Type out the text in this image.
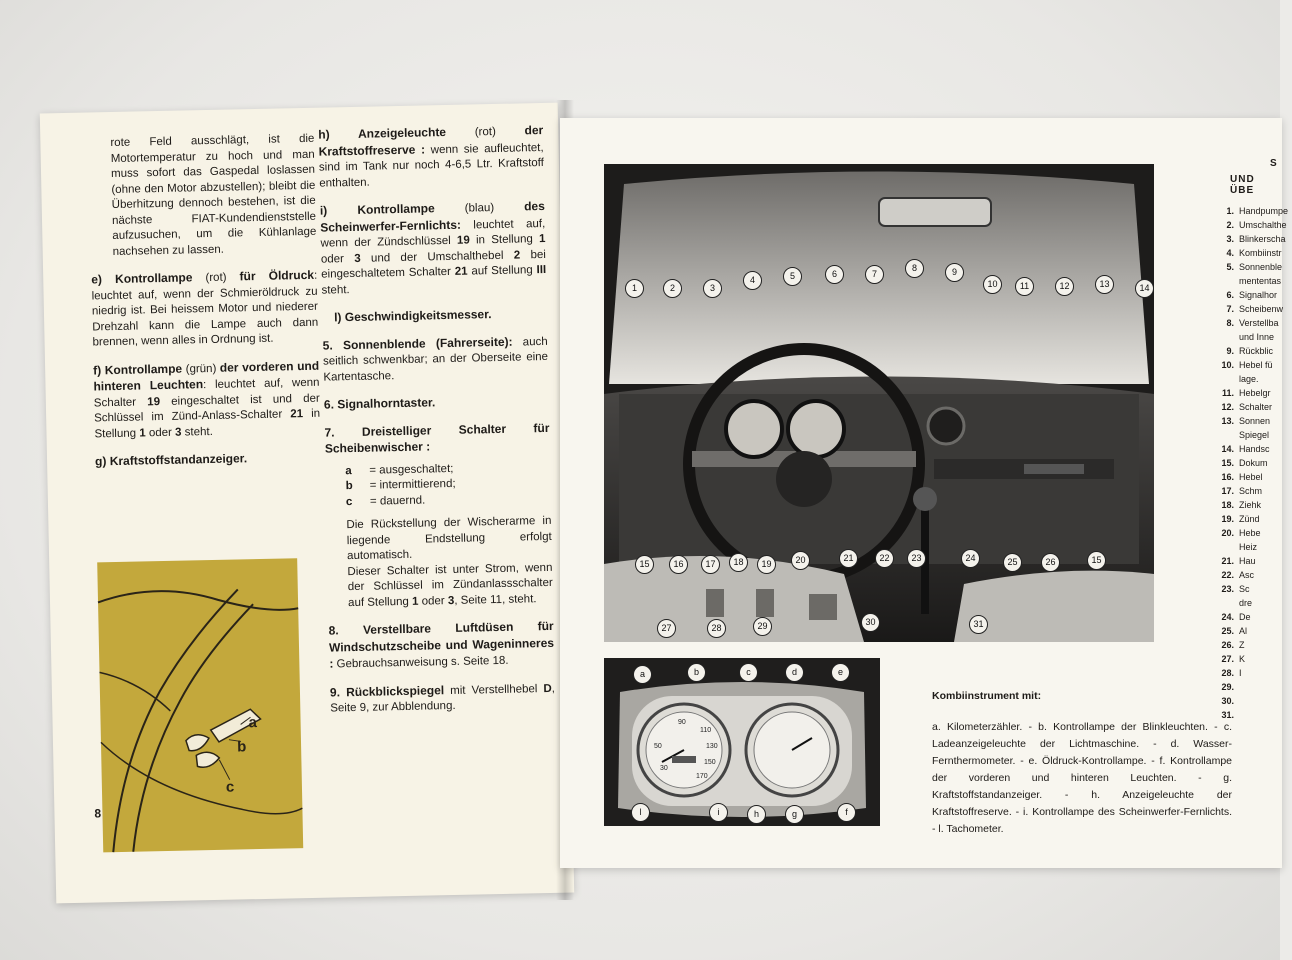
rote Feld ausschlägt, ist die Motortemperatur zu hoch und man muss sofort das Gaspedal loslassen (ohne den Motor abzustellen); bleibt die Überhitzung dennoch bestehen, ist die nächste FIAT-Kundendienststelle aufzusuchen, um die Kühlanlage nachsehen zu lassen.

e) Kontrollampe (rot) für Öldruck: leuchtet auf, wenn der Schmieröldruck zu niedrig ist. Bei heissem Motor und niederer Drehzahl kann die Lampe auch dann brennen, wenn alles in Ordnung ist.

f) Kontrollampe (grün) der vorderen und hinteren Leuchten: leuchtet auf, wenn Schalter 19 eingeschaltet ist und der Schlüssel im Zünd-Anlass-Schalter 21 in Stellung 1 oder 3 steht.

g) Kraftstoffstandanzeiger.

h) Anzeigeleuchte (rot) der Kraftstoffreserve : wenn sie aufleuchtet, sind im Tank nur noch 4-6,5 Ltr. Kraftstoff enthalten.

i) Kontrollampe	(blau) des Scheinwerfer-Fernlichts: leuchtet auf, wenn der Zündschlüssel 19 in Stellung 1 oder 3 und der Umschalthebel 2 bei eingeschaltetem Schalter 21 auf Stellung III steht.

l) Geschwindigkeitsmesser.

5. Sonnenblende (Fahrerseite): auch seitlich schwenkbar; an der Oberseite eine Kartentasche.

6. Signalhorntaster.

7. Dreistelliger Schalter für Scheibenwischer :

a	= ausgeschaltet;
b	= intermittierend;
c	= dauernd.

Die Rückstellung der Wischerarme in liegende Endstellung erfolgt automatisch.

Dieser Schalter ist unter Strom, wenn der Schlüssel im Zündanlassschalter auf Stellung 1 oder 3, Seite 11, steht.

8. Verstellbare Luftdüsen für Windschutzscheibe und Wageninneres : Gebrauchsanweisung s. Seite 18.

9. Rückblickspiegel mit Verstellhebel D, Seite 9, zur Abblendung.

a
b
c
8
1	2	3
4	5	6	7
8	9
10	11	12	13	14
15	16	17	18	19	20	21	22	23	24	25	26	15
27	28	29	30	31
30
50
90
110
130
150
170
a	b	c	d	e
l	i	h	g	f

Kombiinstrument mit:

a. Kilometerzähler. - b. Kontrollampe der Blinkleuchten. - c. Ladeanzeigeleuchte der Lichtmaschine. - d. Wasser-Fernthermometer. - e. Öldruck-Kontrollampe. - f. Kontrollampe der vorderen und hinteren Leuchten. - g. Kraftstoffstandanzeiger. - h. Anzeigeleuchte der Kraftstoffreserve. - i. Kontrollampe des Scheinwerfer-Fernlichts. - l. Tachometer.

S
UND ÜBE
1. Handpumpe
2. Umschalthe
3. Blinkerscha
4. Kombiinstr
5. Sonnenble
mententas
6. Signalhor
7. Scheibenw
8. Verstellba
und Inne
9. Rückblic
10. Hebel fü
lage.
11. Hebelgr
12. Schalter
13. Sonnen
Spiegel
14. Handsc
15. Dokum
16. Hebel
17. Schm
18. Ziehk
19. Zünd
20. Hebe
Heiz
21. Hau
22. Asc
23. Sc
dre
24. De
25. Al
26. Z
27. K
28. I
29.
30.
31.
